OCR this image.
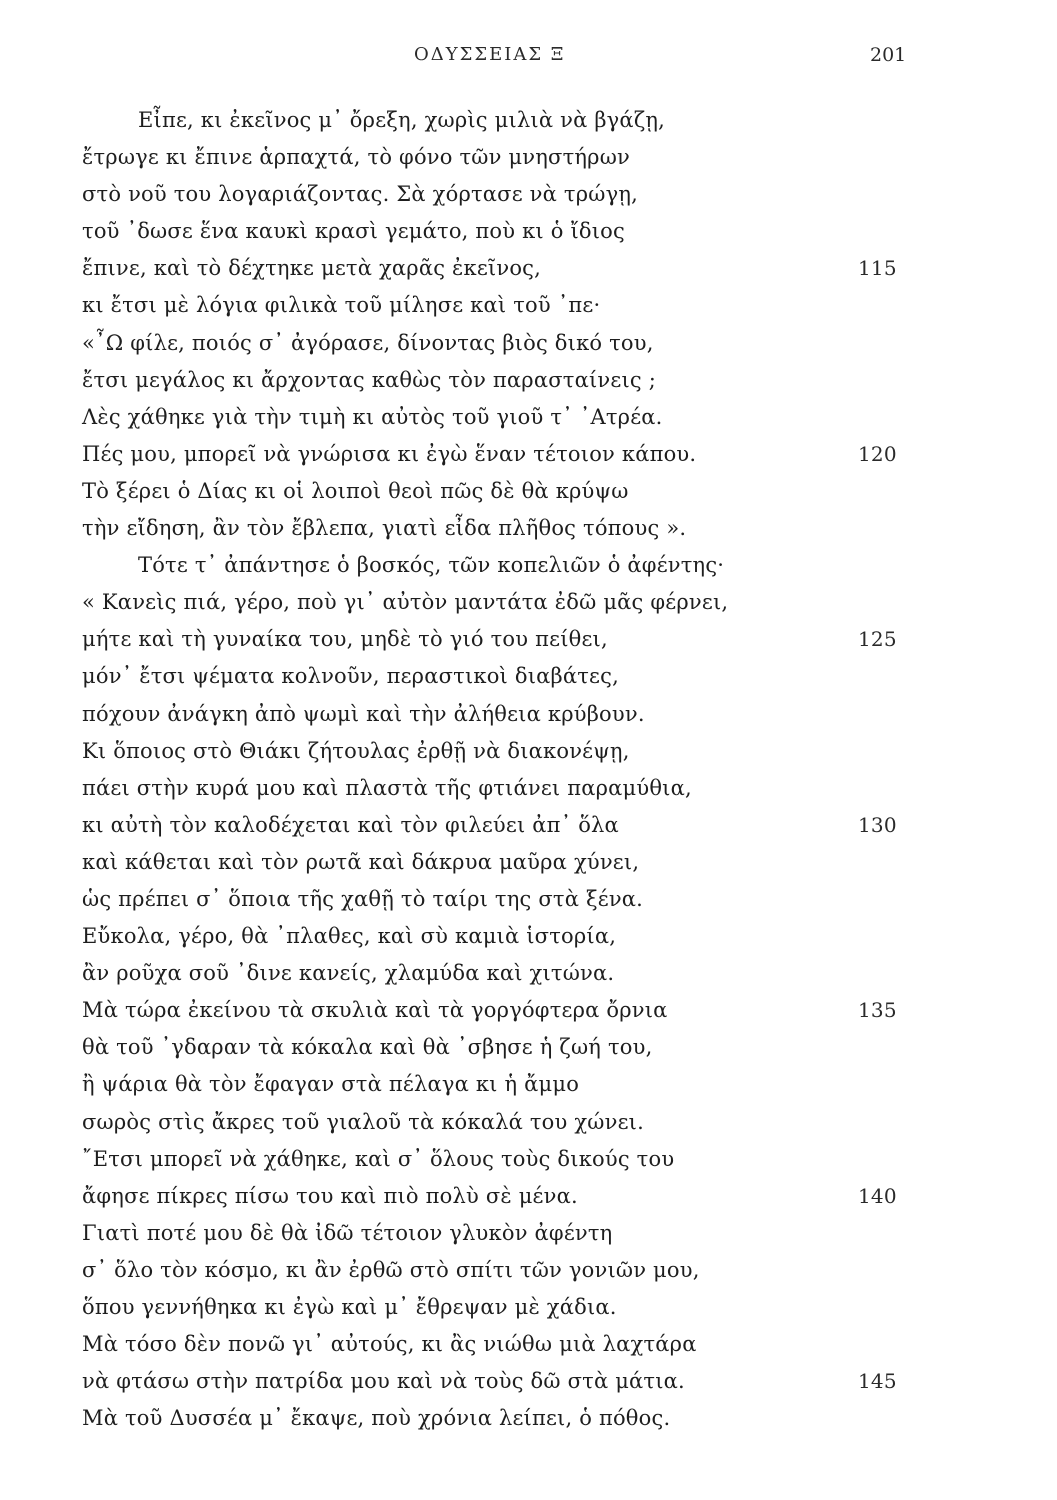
ΟΔΥΣΣΕΙΑΣ Ξ	201
Εἶπε, κι ἐκεῖνος μ᾽ ὄρεξη, χωρὶς μιλιὰ νὰ βγάζῃ,
ἔτρωγε κι ἔπινε ἁρπαχτά, τὸ φόνο τῶν μνηστήρων
στὸ νοῦ του λογαριάζοντας. Σὰ χόρτασε νὰ τρώγῃ,
τοῦ ᾽δωσε ἕνα καυκὶ κρασὶ γεμάτο, ποὺ κι ὁ ἴδιος
ἔπινε, καὶ τὸ δέχτηκε μετὰ χαρᾶς ἐκεῖνος,	115
κι ἔτσι μὲ λόγια φιλικὰ τοῦ μίλησε καὶ τοῦ ᾽πε·
«῏Ω φίλε, ποιός σ᾽ ἀγόρασε, δίνοντας βιὸς δικό του,
ἔτσι μεγάλος κι ἄρχοντας καθὼς τὸν παρασταίνεις ;
Λὲς χάθηκε γιὰ τὴν τιμὴ κι αὐτὸς τοῦ γιοῦ τ᾽ ᾽Ατρέα.
Πές μου, μπορεῖ νὰ γνώρισα κι ἐγὼ ἕναν τέτοιον κάπου.	120
Τὸ ξέρει ὁ Δίας κι οἱ λοιποὶ θεοὶ πῶς δὲ θὰ κρύψω
τὴν εἴδηση, ἂν τὸν ἔβλεπα, γιατὶ εἶδα πλῆθος τόπους ».
Τότε τ᾽ ἀπάντησε ὁ βοσκός, τῶν κοπελιῶν ὁ ἀφέντης·
« Κανεὶς πιά, γέρο, ποὺ γι᾽ αὐτὸν μαντάτα ἐδῶ μᾶς φέρνει,
μήτε καὶ τὴ γυναίκα του, μηδὲ τὸ γιό του πείθει,	125
μόν᾽ ἔτσι ψέματα κολνοῦν, περαστικοὶ διαβάτες,
πόχουν ἀνάγκη ἀπὸ ψωμὶ καὶ τὴν ἀλήθεια κρύβουν.
Κι ὅποιος στὸ Θιάκι ζήτουλας ἐρθῇ νὰ διακονέψῃ,
πάει στὴν κυρά μου καὶ πλαστὰ τῆς φτιάνει παραμύθια,
κι αὐτὴ τὸν καλοδέχεται καὶ τὸν φιλεύει ἀπ᾽ ὅλα	130
καὶ κάθεται καὶ τὸν ρωτᾶ καὶ δάκρυα μαῦρα χύνει,
ὡς πρέπει σ᾽ ὅποια τῆς χαθῇ τὸ ταίρι της στὰ ξένα.
Εὔκολα, γέρο, θὰ ᾽πλαθες, καὶ σὺ καμιὰ ἱστορία,
ἂν ροῦχα σοῦ ᾽δινε κανείς, χλαμύδα καὶ χιτώνα.
Μὰ τώρα ἐκείνου τὰ σκυλιὰ καὶ τὰ γοργόφτερα ὄρνια	135
θὰ τοῦ ᾽γδαραν τὰ κόκαλα καὶ θὰ ᾽σβησε ἡ ζωή του,
ἢ ψάρια θὰ τὸν ἔφαγαν στὰ πέλαγα κι ἡ ἄμμο
σωρὸς στὶς ἄκρες τοῦ γιαλοῦ τὰ κόκαλά του χώνει.
῎Ετσι μπορεῖ νὰ χάθηκε, καὶ σ᾽ ὅλους τοὺς δικούς του
ἄφησε πίκρες πίσω του καὶ πιὸ πολὺ σὲ μένα.	140
Γιατὶ ποτέ μου δὲ θὰ ἰδῶ τέτοιον γλυκὸν ἀφέντη
σ᾽ ὅλο τὸν κόσμο, κι ἂν ἐρθῶ στὸ σπίτι τῶν γονιῶν μου,
ὅπου γεννήθηκα κι ἐγὼ καὶ μ᾽ ἔθρεψαν μὲ χάδια.
Μὰ τόσο δὲν πονῶ γι᾽ αὐτούς, κι ἂς νιώθω μιὰ λαχτάρα
νὰ φτάσω στὴν πατρίδα μου καὶ νὰ τοὺς δῶ στὰ μάτια.	145
Μὰ τοῦ Δυσσέα μ᾽ ἔκαψε, ποὺ χρόνια λείπει, ὁ πόθος.
